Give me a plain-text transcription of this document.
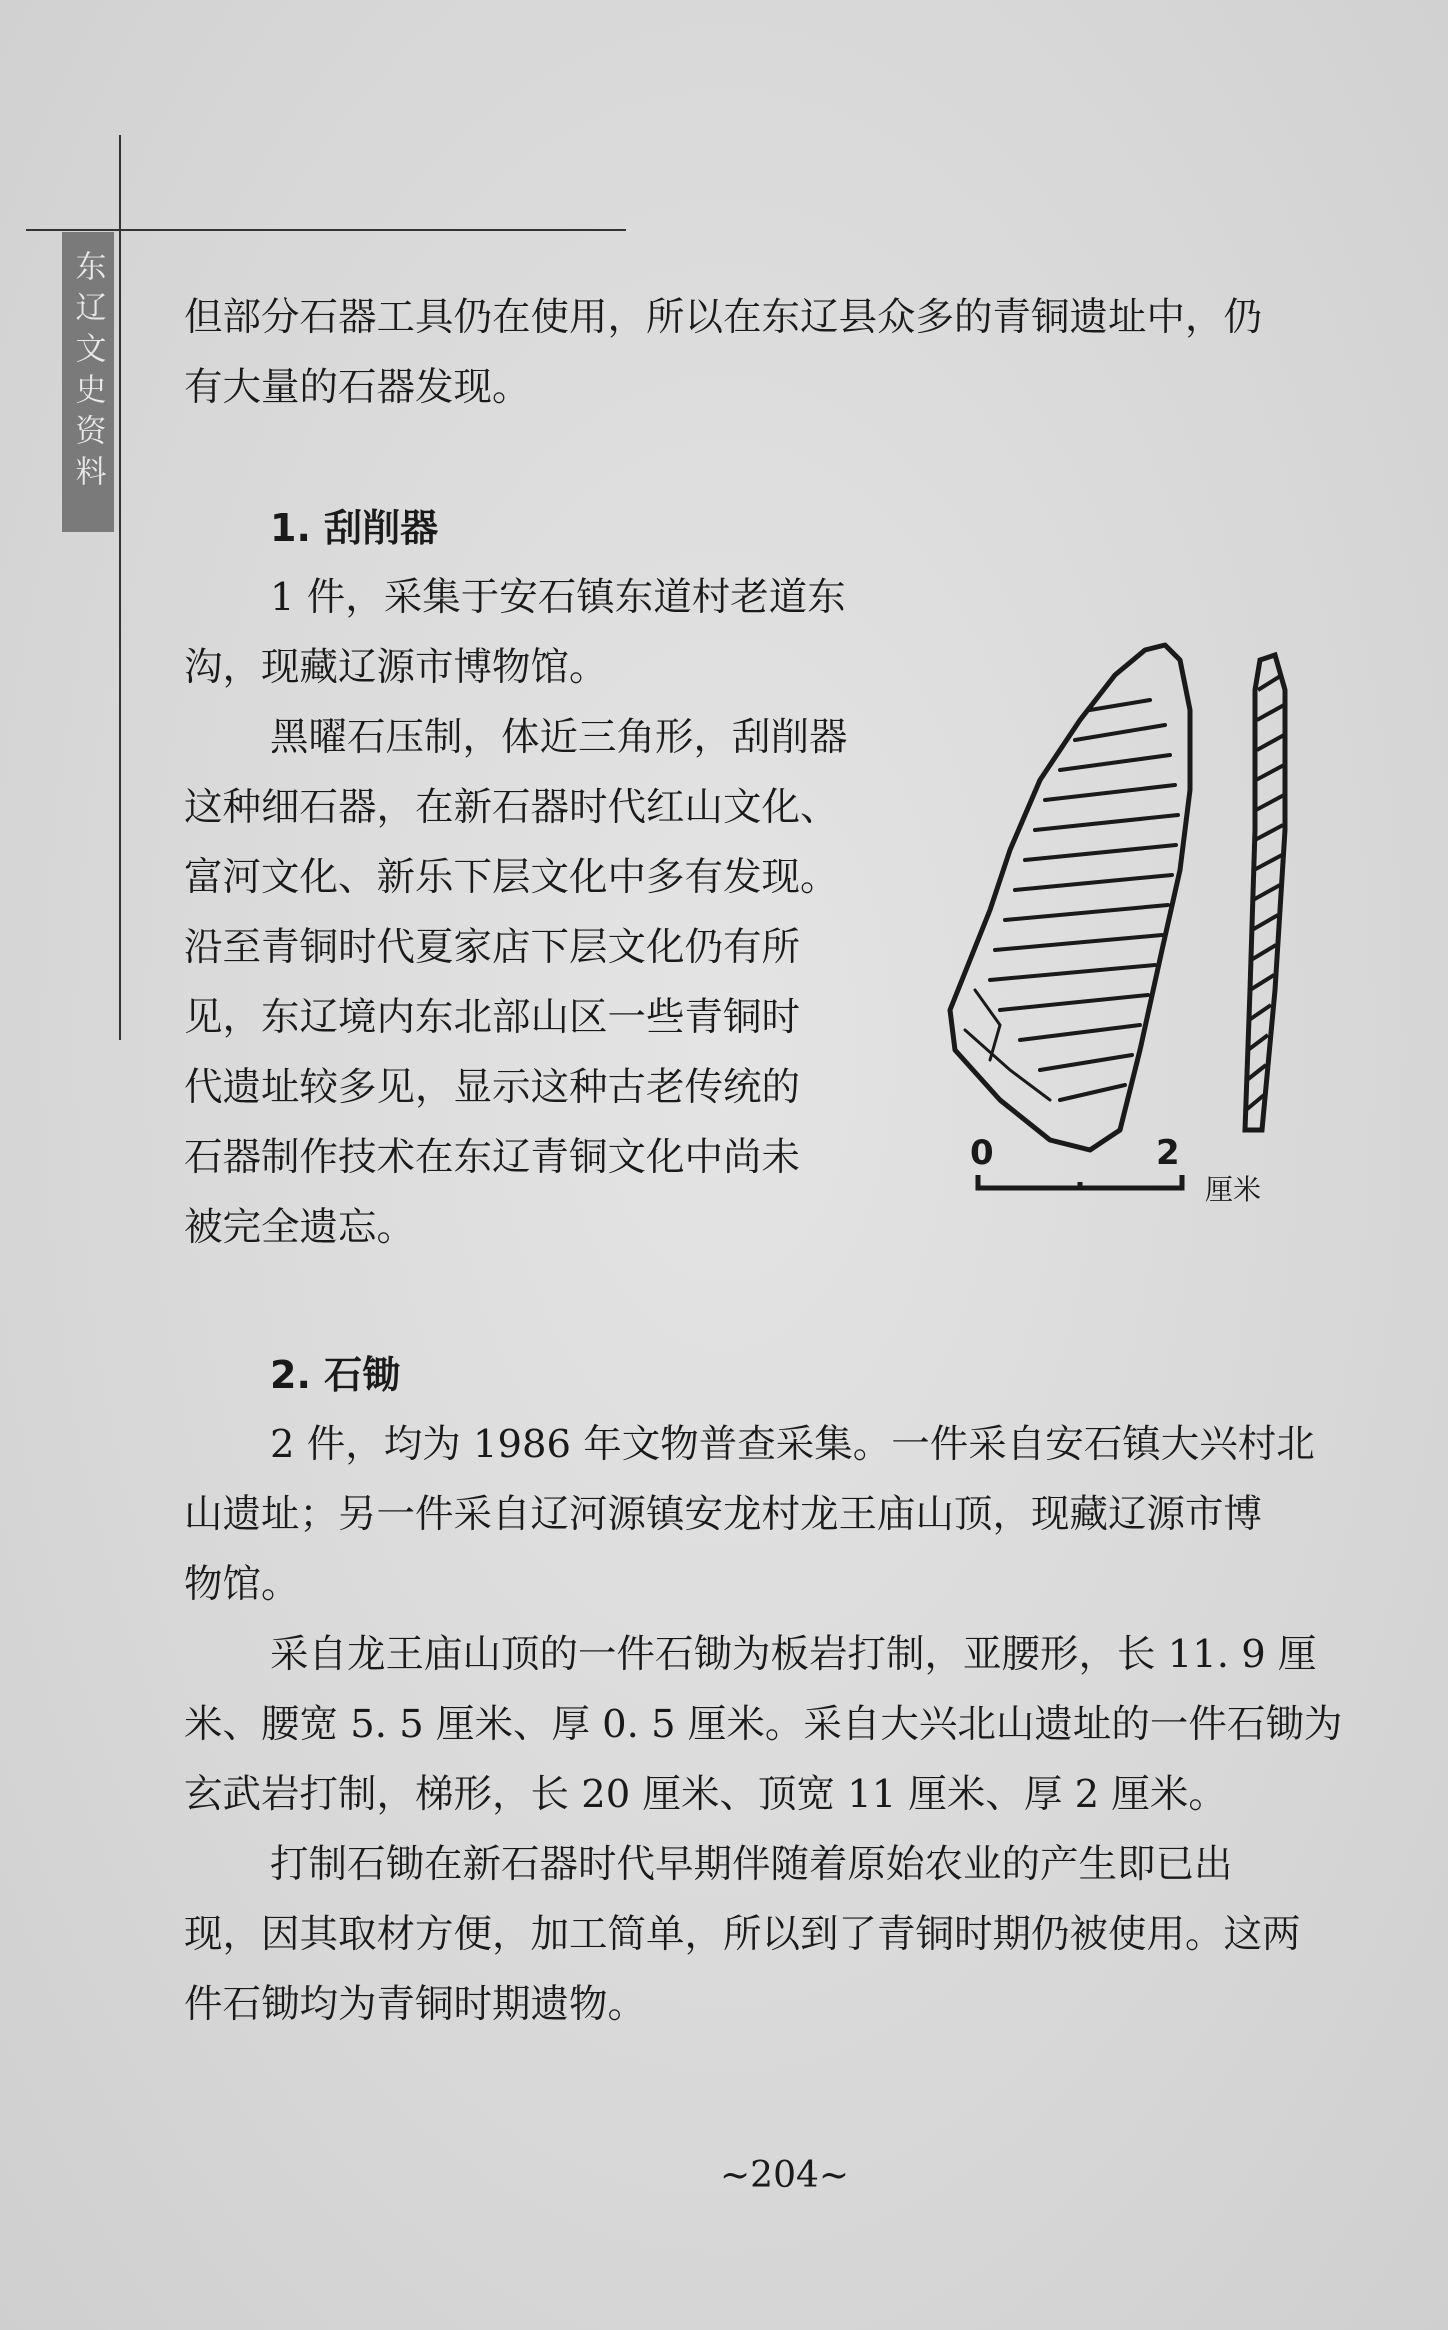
东辽文史资料 但部分石器工具仍在使用，所以在东辽县众多的青铜遗址中，仍
有大量的石器发现。
1. 刮削器
1 件，采集于安石镇东道村老道东
沟，现藏辽源市博物馆。
黑曜石压制，体近三角形，刮削器
这种细石器，在新石器时代红山文化、
富河文化、新乐下层文化中多有发现。
沿至青铜时代夏家店下层文化仍有所
见，东辽境内东北部山区一些青铜时
代遗址较多见，显示这种古老传统的
石器制作技术在东辽青铜文化中尚未
被完全遗忘。
0	2
厘米
2. 石锄
2 件，均为 1986 年文物普查采集。一件采自安石镇大兴村北
山遗址；另一件采自辽河源镇安龙村龙王庙山顶，现藏辽源市博
物馆。
采自龙王庙山顶的一件石锄为板岩打制，亚腰形，长 11. 9 厘
米、腰宽 5. 5 厘米、厚 0. 5 厘米。采自大兴北山遗址的一件石锄为
玄武岩打制，梯形，长 20 厘米、顶宽 11 厘米、厚 2 厘米。
打制石锄在新石器时代早期伴随着原始农业的产生即已出
现，因其取材方便，加工简单，所以到了青铜时期仍被使用。这两
件石锄均为青铜时期遗物。
~204~
